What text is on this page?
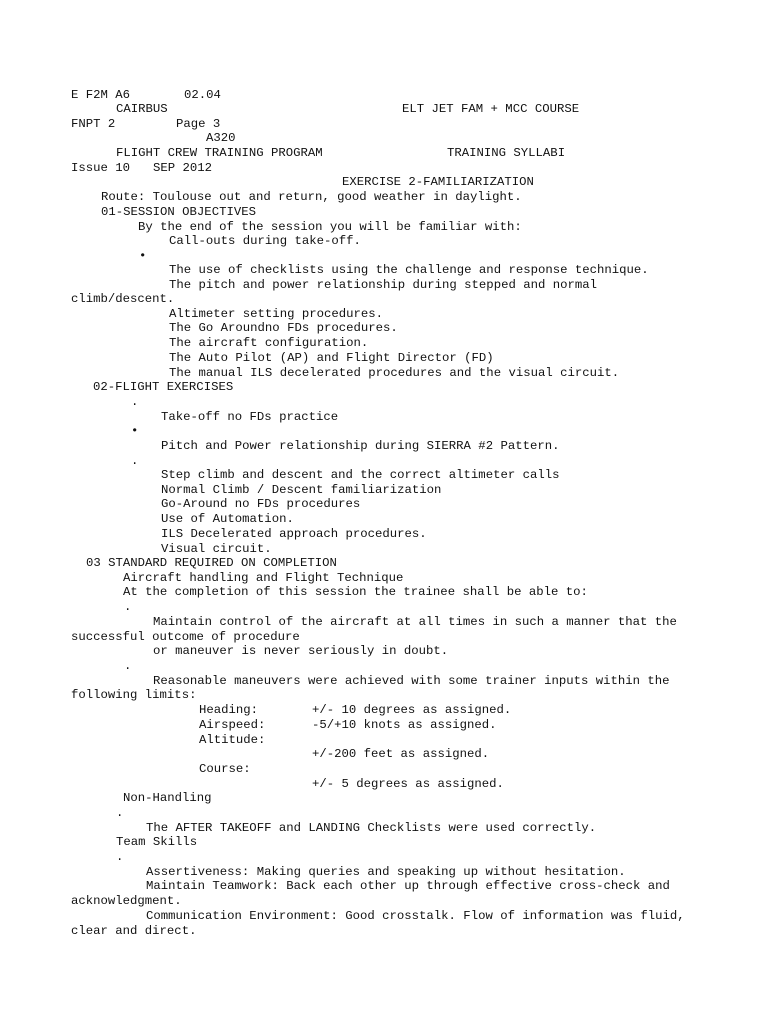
E F2M A6	02.04
CAIRBUS	ELT JET FAM + MCC COURSE
FNPT 2	Page 3
A320
FLIGHT CREW TRAINING PROGRAM	TRAINING SYLLABI
Issue 10 SEP 2012
EXERCISE 2-FAMILIARIZATION
Route: Toulouse out and return, good weather in daylight.
01-SESSION OBJECTIVES
By the end of the session you will be familiar with:
Call-outs during take-off.
•
The use of checklists using the challenge and response technique.
The pitch and power relationship during stepped and normal
climb/descent.
Altimeter setting procedures.
The Go Aroundno FDs procedures.
The aircraft configuration.
The Auto Pilot (AP) and Flight Director (FD)
The manual ILS decelerated procedures and the visual circuit.
02-FLIGHT EXERCISES
.
Take-off no FDs practice
•
Pitch and Power relationship during SIERRA #2 Pattern.
.
Step climb and descent and the correct altimeter calls
Normal Climb / Descent familiarization
Go-Around no FDs procedures
Use of Automation.
ILS Decelerated approach procedures.
Visual circuit.
03 STANDARD REQUIRED ON COMPLETION
Aircraft handling and Flight Technique
At the completion of this session the trainee shall be able to:
.
Maintain control of the aircraft at all times in such a manner that the
successful outcome of procedure
or maneuver is never seriously in doubt.
.
Reasonable maneuvers were achieved with some trainer inputs within the
following limits:
Heading:	+/- 10 degrees as assigned.
Airspeed:	-5/+10 knots as assigned.
Altitude:
+/-200 feet as assigned.
Course:
+/- 5 degrees as assigned.
Non-Handling
.
The AFTER TAKEOFF and LANDING Checklists were used correctly.
Team Skills
.
Assertiveness: Making queries and speaking up without hesitation.
Maintain Teamwork: Back each other up through effective cross-check and
acknowledgment.
Communication Environment: Good crosstalk. Flow of information was fluid,
clear and direct.
